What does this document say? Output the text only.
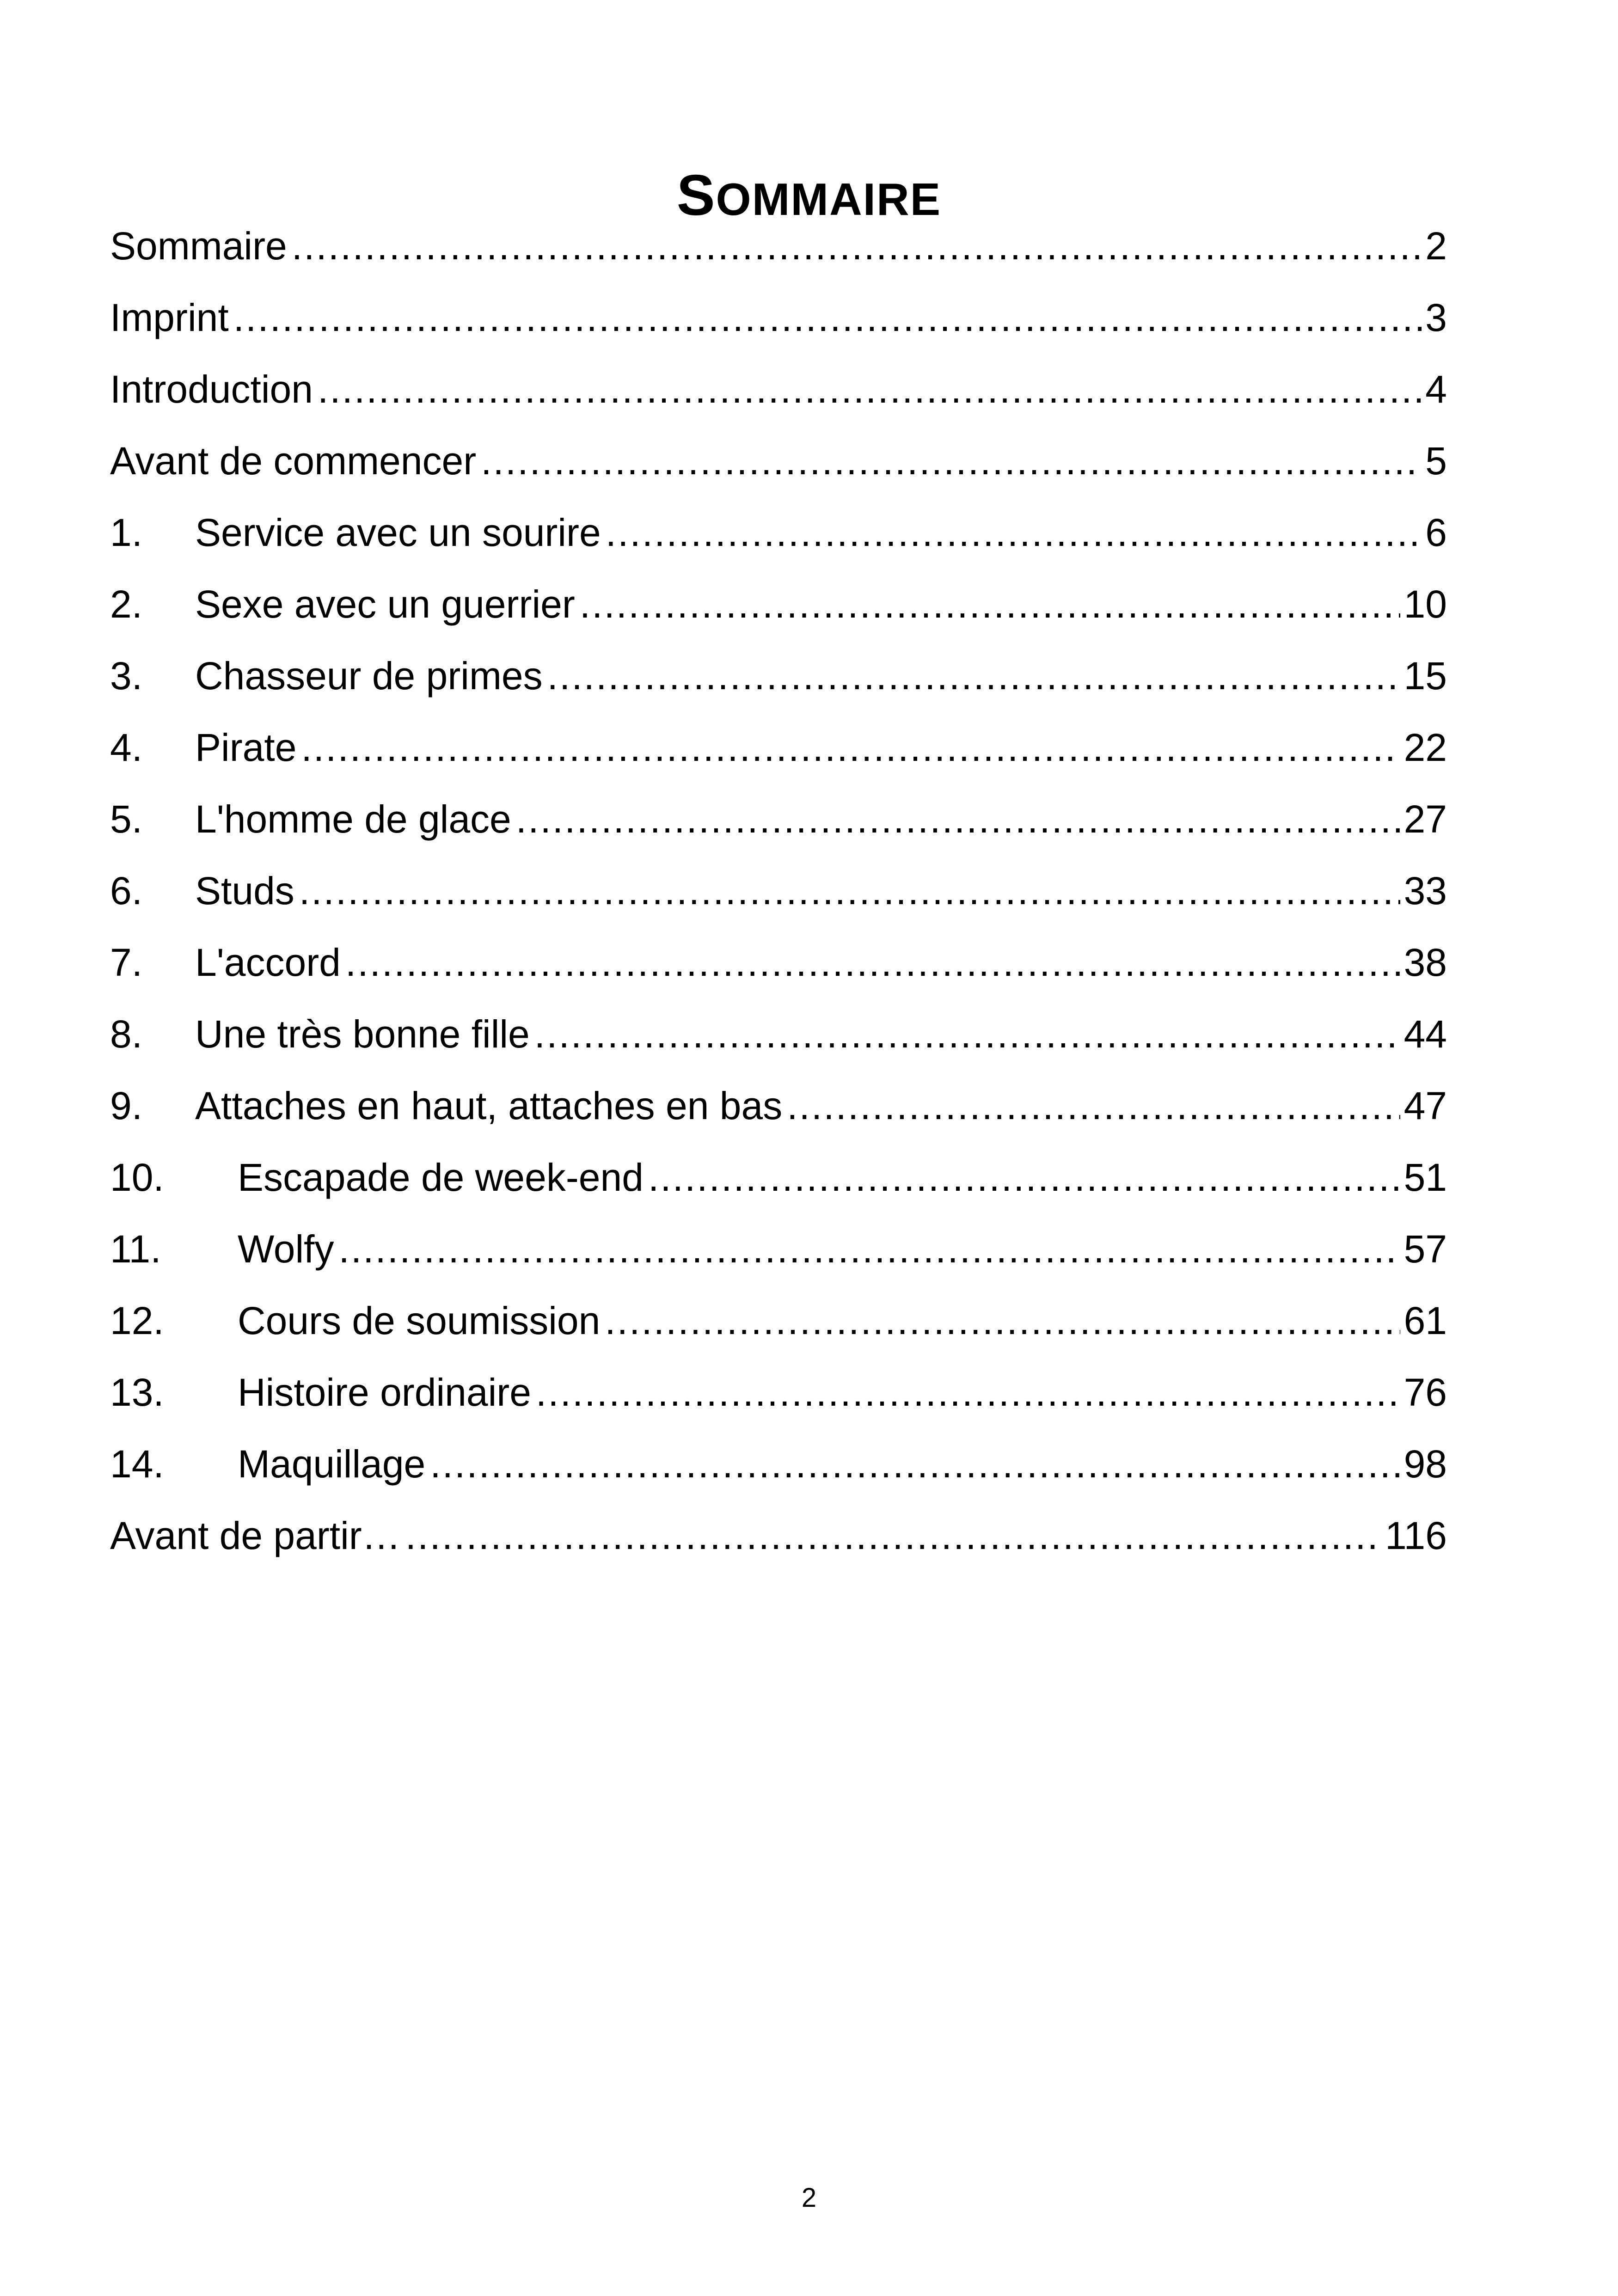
SOMMAIRE
Sommaire .....	2
Imprint .....	3
Introduction .....	4
Avant de commencer .....	5
1.	Service avec un sourire .....	6
2.	Sexe avec un guerrier .....	10
3.	Chasseur de primes .....	15
4.	Pirate .....	22
5.	L'homme de glace .....	27
6.	Studs .....	33
7.	L'accord .....	38
8.	Une très bonne fille .....	44
9.	Attaches en haut, attaches en bas .....	47
10.	Escapade de week-end .....	51
11.	Wolfy .....	57
12.	Cours de soumission .....	61
13.	Histoire ordinaire .....	76
14.	Maquillage .....	98
Avant de partir… .....	116
2
